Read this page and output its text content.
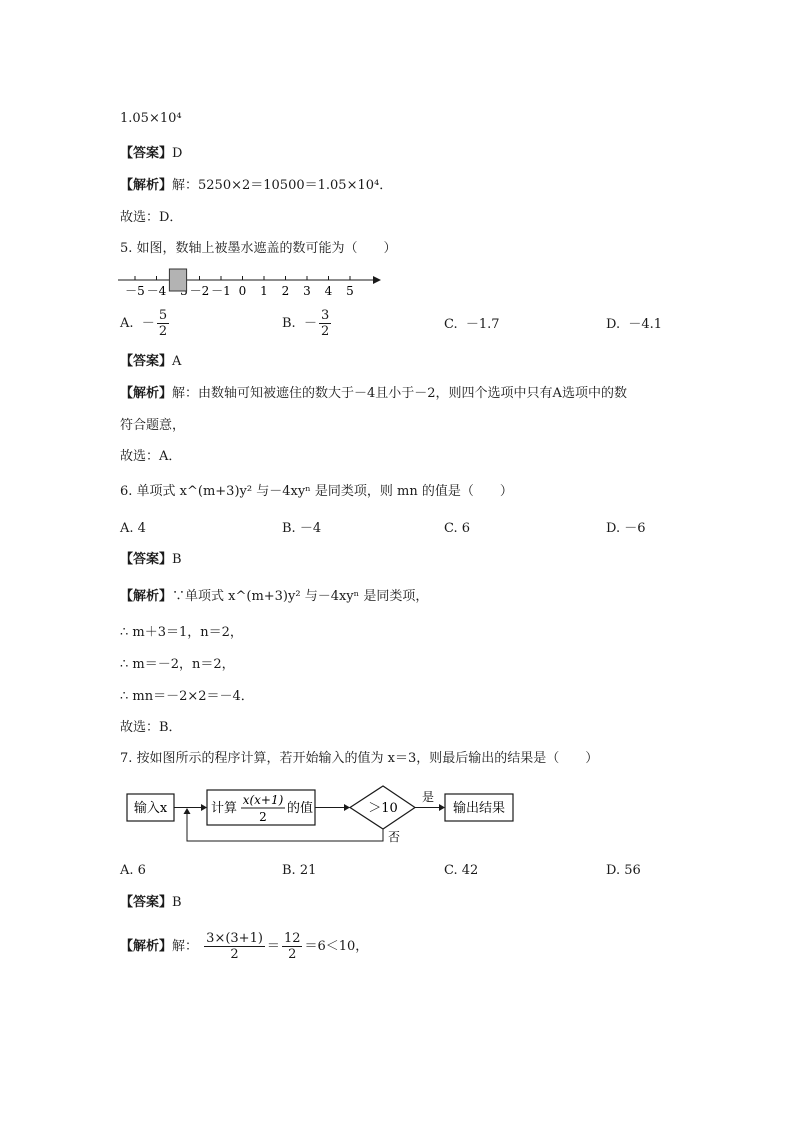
1.05×10⁴
【答案】D
【解析】解：5250×2＝10500＝1.05×10⁴．
故选：D．
5. 如图，数轴上被墨水遮盖的数可能为（　　）
－5 －4 －2 －1 0 1 2 3 4 5
A. － $\frac{5}{2}$	B. － $\frac{3}{2}$	C. －1.7	D. －4.1
【答案】A
【解析】解：由数轴可知被遮住的数大于－4且小于－2，则四个选项中只有A选项中的数
符合题意，
故选：A．
6. 单项式 x^(m+3)y² 与－4xyⁿ 是同类项，则 mn 的值是（　　）
A. 4	B. －4	C. 6	D. －6
【答案】B
【解析】∵单项式 x^(m+3)y² 与－4xyⁿ 是同类项，
∴ m＋3＝1，n＝2，
∴ m＝－2，n＝2，
∴ mn＝－2×2＝－4．
故选：B．
7. 按如图所示的程序计算，若开始输入的值为 x＝3，则最后输出的结果是（　　）
输入x	计算
x(x+1)
2
的值	＞10
是
输出结果
否
A. 6	B. 21	C. 42	D. 56
【答案】B
【解析】解： $\frac{3\times(3+1)}{2} = \frac{12}{2} =6<10$，
